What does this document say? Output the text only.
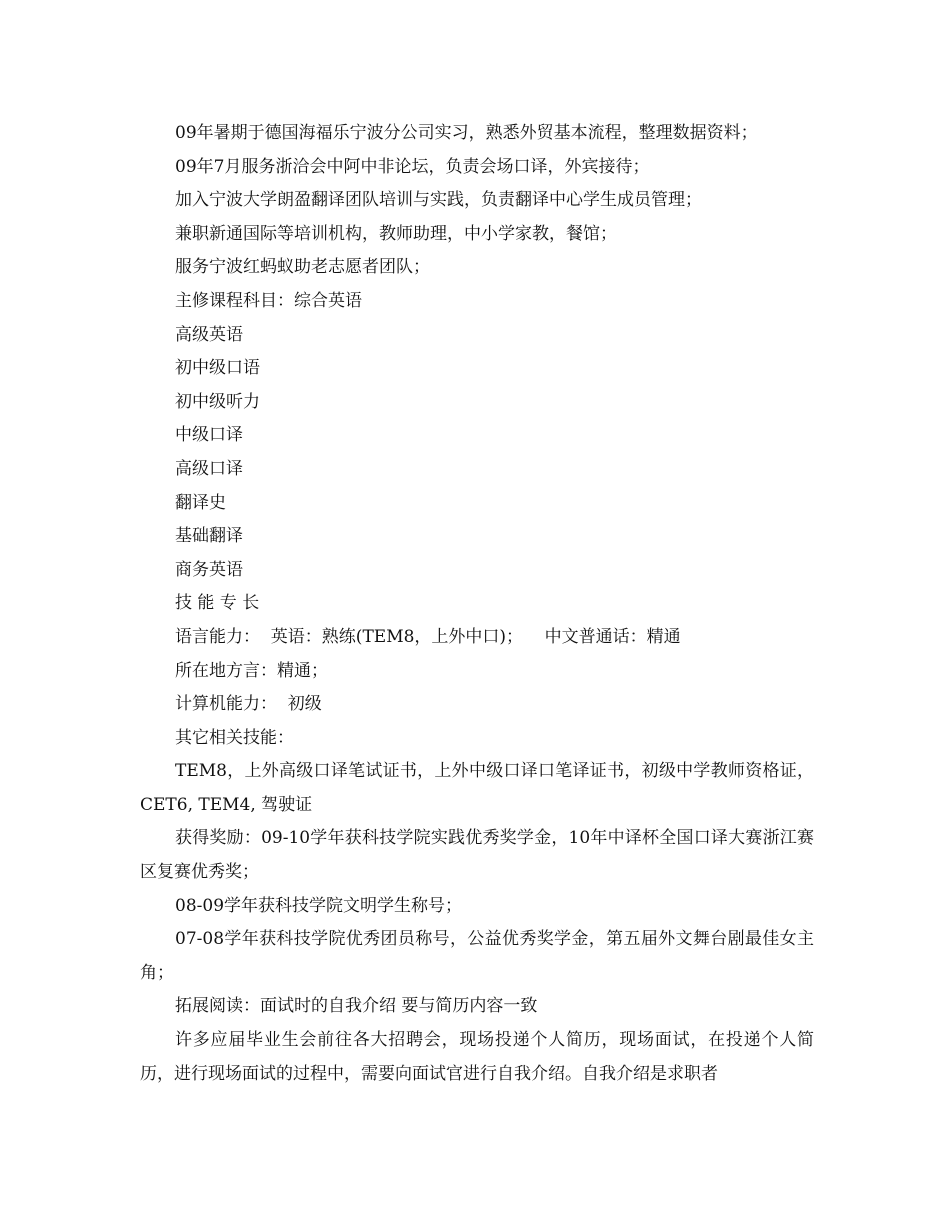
09年暑期于德国海福乐宁波分公司实习，熟悉外贸基本流程，整理数据资料；

09年7月服务浙洽会中阿中非论坛，负责会场口译，外宾接待；

加入宁波大学朗盈翻译团队培训与实践，负责翻译中心学生成员管理；

兼职新通国际等培训机构，教师助理，中小学家教，餐馆；

服务宁波红蚂蚁助老志愿者团队；

主修课程科目：综合英语

高级英语

初中级口语

初中级听力

中级口译

高级口译

翻译史

基础翻译

商务英语

技 能 专 长

语言能力：  英语：熟练(TEM8，上外中口)；    中文普通话：精通

所在地方言：精通；

计算机能力：  初级

其它相关技能：

TEM8，上外高级口译笔试证书，上外中级口译口笔译证书，初级中学教师资格证，CET6, TEM4, 驾驶证

获得奖励：09-10学年获科技学院实践优秀奖学金，10年中译杯全国口译大赛浙江赛区复赛优秀奖；

08-09学年获科技学院文明学生称号；

07-08学年获科技学院优秀团员称号，公益优秀奖学金，第五届外文舞台剧最佳女主角；

拓展阅读：面试时的自我介绍 要与简历内容一致

许多应届毕业生会前往各大招聘会，现场投递个人简历，现场面试，在投递个人简历，进行现场面试的过程中，需要向面试官进行自我介绍。自我介绍是求职者
